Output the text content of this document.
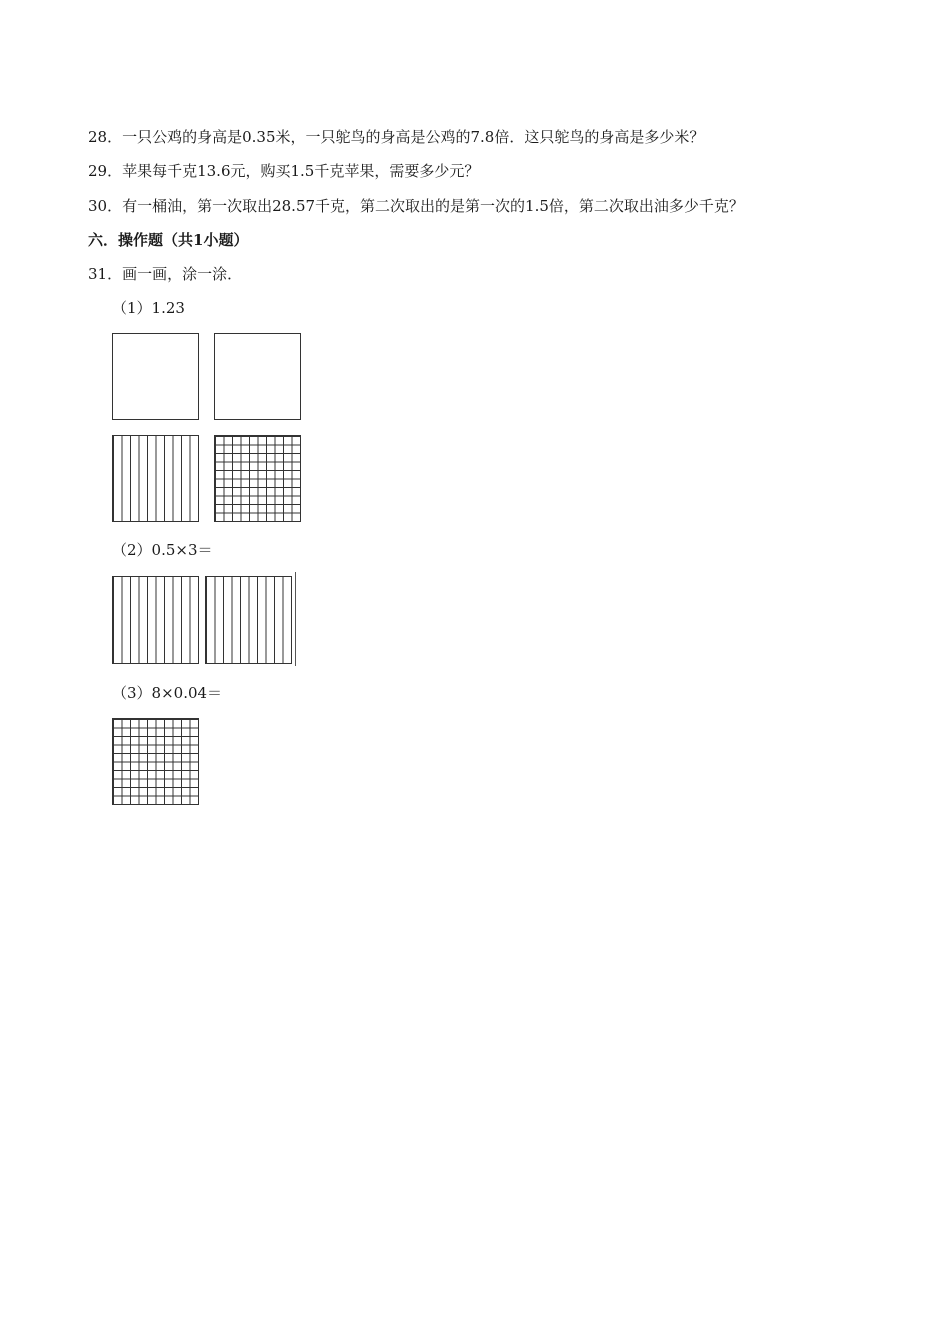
28．一只公鸡的身高是0.35米，一只鸵鸟的身高是公鸡的7.8倍．这只鸵鸟的身高是多少米？
29．苹果每千克13.6元，购买1.5千克苹果，需要多少元？
30．有一桶油，第一次取出28.57千克，第二次取出的是第一次的1.5倍，第二次取出油多少千克？
六．操作题（共1小题）
31．画一画，涂一涂．
（1）1.23
（2）0.5×3＝
（3）8×0.04＝
